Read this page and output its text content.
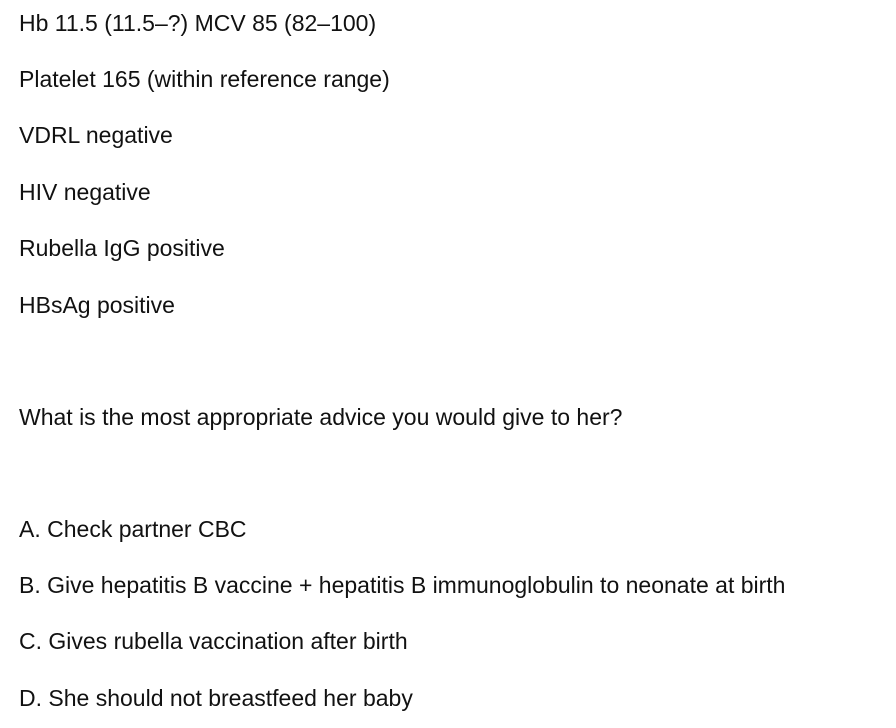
Hb 11.5 (11.5–?) MCV 85 (82–100)
Platelet 165 (within reference range)
VDRL negative
HIV negative
Rubella IgG positive
HBsAg positive
What is the most appropriate advice you would give to her?
A. Check partner CBC
B. Give hepatitis B vaccine + hepatitis B immunoglobulin to neonate at birth
C. Gives rubella vaccination after birth
D. She should not breastfeed her baby
